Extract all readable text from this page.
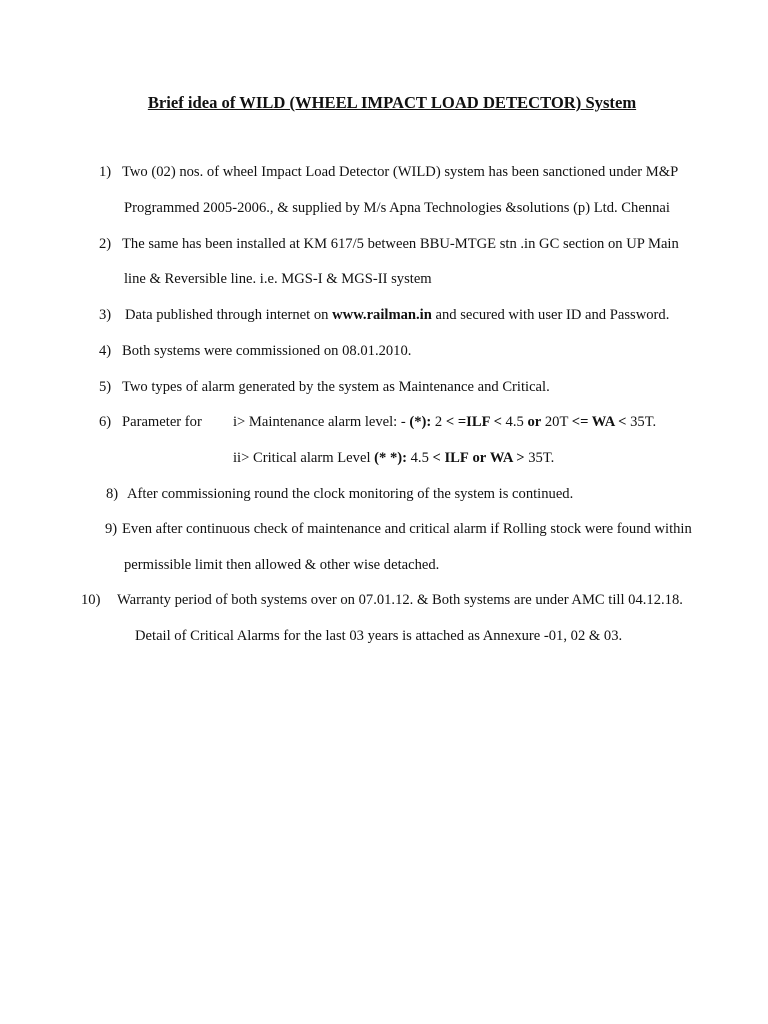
Brief idea of WILD (WHEEL IMPACT LOAD DETECTOR) System
1) Two (02) nos. of wheel Impact Load Detector (WILD) system has been sanctioned under M&P
Programmed 2005-2006., & supplied by M/s Apna Technologies &solutions (p) Ltd. Chennai
2) The same has been installed at KM 617/5 between BBU-MTGE stn .in GC section on UP Main
line & Reversible line. i.e. MGS-I & MGS-II system
3) Data published through internet on www.railman.in and secured with user ID and Password.
4) Both systems were commissioned on 08.01.2010.
5) Two types of alarm generated by the system as Maintenance and Critical.
6) Parameter for i> Maintenance alarm level: - (*): 2 < =ILF < 4.5 or 20T <= WA < 35T.
ii> Critical alarm Level (* *): 4.5 < ILF or WA > 35T.
8) After commissioning round the clock monitoring of the system is continued.
9) Even after continuous check of maintenance and critical alarm if Rolling stock were found within
permissible limit then allowed & other wise detached.
10) Warranty period of both systems over on 07.01.12. & Both systems are under AMC till 04.12.18.
Detail of Critical Alarms for the last 03 years is attached as Annexure -01, 02 & 03.
